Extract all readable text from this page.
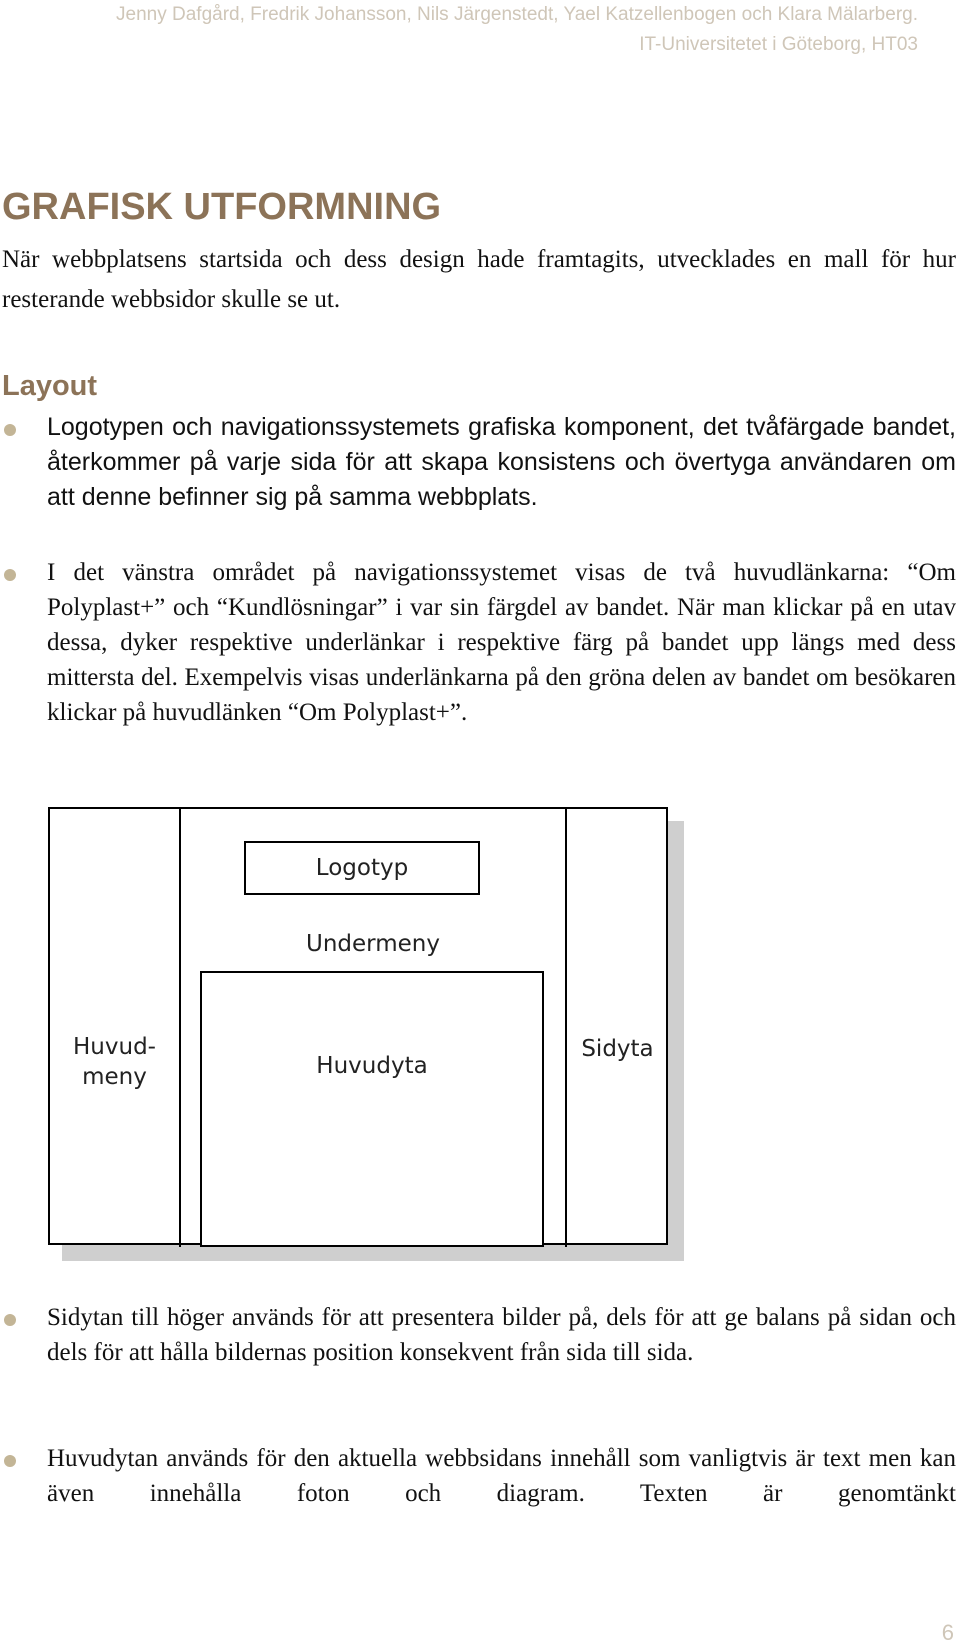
Jenny Dafgård, Fredrik Johansson, Nils Järgenstedt, Yael Katzellenbogen och Klara Mälarberg.
IT-Universitetet i Göteborg, HT03
GRAFISK UTFORMNING
När webbplatsens startsida och dess design hade framtagits, utvecklades en mall för hur resterande webbsidor skulle se ut.
Layout
Logotypen och navigationssystemets grafiska komponent, det tvåfärgade bandet, återkommer på varje sida för att skapa konsistens och övertyga användaren om att denne befinner sig på samma webbplats.
I det vänstra området på navigationssystemet visas de två huvudlänkarna: “Om Polyplast+” och “Kundlösningar” i var sin färgdel av bandet. När man klickar på en utav dessa, dyker respektive underlänkar i respektive färg på bandet upp längs med dess mittersta del. Exempelvis visas underlänkarna på den gröna delen av bandet om besökaren klickar på huvudlänken “Om Polyplast+”.
Logotyp
Undermeny
Huvudyta
Huvud-
meny
Sidyta
Sidytan till höger används för att presentera bilder på, dels för att ge balans på sidan och dels för att hålla bildernas position konsekvent från sida till sida.
Huvudytan används för den aktuella webbsidans innehåll som vanligtvis är text men kan även innehålla foton och diagram. Texten är genomtänkt
6
